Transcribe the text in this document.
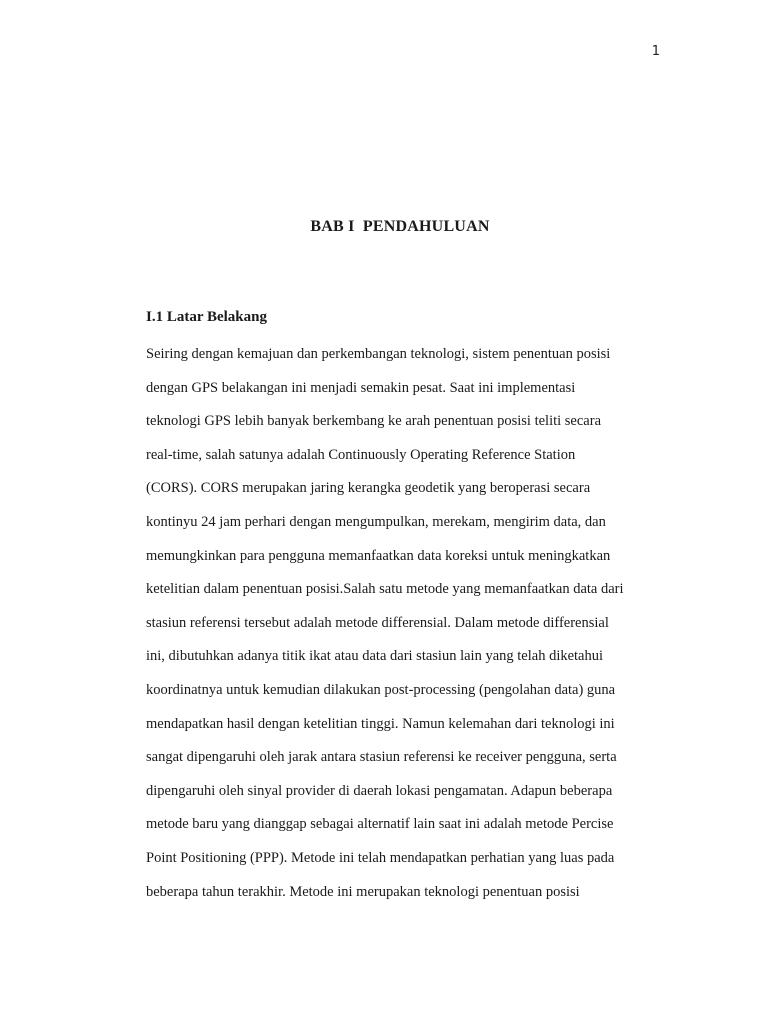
1
BAB I  PENDAHULUAN
I.1 Latar Belakang
Seiring dengan kemajuan dan perkembangan teknologi, sistem penentuan posisi
dengan GPS belakangan ini menjadi semakin pesat. Saat ini implementasi
teknologi GPS lebih banyak berkembang ke arah penentuan posisi teliti secara
real-time, salah satunya adalah Continuously Operating Reference Station
(CORS). CORS merupakan jaring kerangka geodetik yang beroperasi secara
kontinyu 24 jam perhari dengan mengumpulkan, merekam, mengirim data, dan
memungkinkan para pengguna memanfaatkan data koreksi untuk meningkatkan
ketelitian dalam penentuan posisi.Salah satu metode yang memanfaatkan data dari
stasiun referensi tersebut adalah metode differensial. Dalam metode differensial
ini, dibutuhkan adanya titik ikat atau data dari stasiun lain yang telah diketahui
koordinatnya untuk kemudian dilakukan post-processing (pengolahan data) guna
mendapatkan hasil dengan ketelitian tinggi. Namun kelemahan dari teknologi ini
sangat dipengaruhi oleh jarak antara stasiun referensi ke receiver pengguna, serta
dipengaruhi oleh sinyal provider di daerah lokasi pengamatan. Adapun beberapa
metode baru yang dianggap sebagai alternatif lain saat ini adalah metode Percise
Point Positioning (PPP). Metode ini telah mendapatkan perhatian yang luas pada
beberapa tahun terakhir. Metode ini merupakan teknologi penentuan posisi
